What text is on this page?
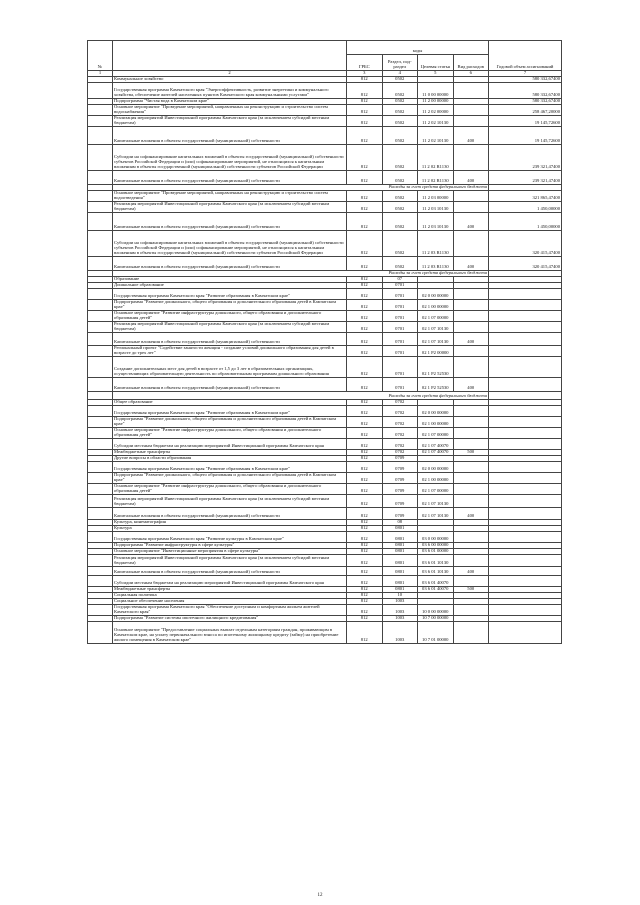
№		коды				Годовой объем ассигнований
		ГРБС	Раздел, под-раздел	Целевая статья	Вид расходов	
1	2	3	4	5	6	7
	Коммунальное хозяйство	812	0502			580 332,67400
	Государственная программа Камчатского края "Энергоэффективность, развитие энергетики и коммунального хозяйства, обеспечение жителей населенных пунктов Камчатского края коммунальными услугами"	812	0502	11 0 00 00000		580 332,67400
	Подпрограмма "Чистая вода в Камчатском крае"	812	0502	11 2 00 00000		580 332,67400
	Основное мероприятие "Проведение мероприятий, направленных на реконструкцию и строительство систем водоснабжения"	812	0502	11 2 02 00000		258 467,20000
	Реализация мероприятий Инвестиционной программы Камчатского края (за исключением субсидий местным бюджетам)	812	0502	11 2 02 10130		19 145,72600
	Капитальные вложения в объекты государственной (муниципальной) собственности	812	0502	11 2 02 10130	400	19 145,72600
	Субсидии на софинансирование капитальных вложений в объекты государственной (муниципальной) собственности субъектов Российской Федерации и (или) софинансирование мероприятий, не относящихся к капитальным вложениям в объекты государственной (муниципальной) собственности субъектов Российской Федерации	812	0502	11 2 02 R1130		239 321,47400
	Капитальные вложения в объекты государственной (муниципальной) собственности	812	0502	11 2 02 R1130	400	239 321,47400
	Расходы за счет средств федерального бюджета					
	Основное мероприятие "Проведение мероприятий, направленных на реконструкцию и строительство систем водоотведения"	812	0502	11 2 03 00000		321 865,47400
	Реализация мероприятий Инвестиционной программы Камчатского края (за исключением субсидий местным бюджетам)	812	0502	11 2 03 10130		1 450,00000
	Капитальные вложения в объекты государственной (муниципальной) собственности	812	0502	11 2 03 10130	400	1 450,00000
	Субсидии на софинансирование капитальных вложений в объекты государственной (муниципальной) собственности субъектов Российской Федерации и (или) софинансирование мероприятий, не относящихся к капитальным вложениям в объекты государственной (муниципальной) собственности субъектов Российской Федерации	812	0502	11 2 03 R1130		320 415,47400
	Капитальные вложения в объекты государственной (муниципальной) собственности	812	0502	11 2 03 R1130	400	320 415,47400
	Расходы за счет средств федерального бюджета					
	Образование	812	07			
	Дошкольное образование	812	0701			
	Государственная программа Камчатского края "Развитие образования в Камчатском крае"	812	0701	02 0 00 00000		
	Подпрограмма "Развитие дошкольного, общего образования и дополнительного образования детей в Камчатском крае"	812	0701	02 1 00 00000		
	Основное мероприятие "Развитие инфраструктуры дошкольного, общего образования и дополнительного образования детей"	812	0701	02 1 07 00000		
	Реализация мероприятий Инвестиционной программы Камчатского края (за исключением субсидий местным бюджетам)	812	0701	02 1 07 10130		
	Капитальные вложения в объекты государственной (муниципальной) собственности	812	0701	02 1 07 10130	400	
	Региональный проект "Содействие занятости женщин - создание условий дошкольного образования для детей в возрасте до трех лет"	812	0701	02 1 P2 00000		
	Создание дополнительных мест для детей в возрасте от 1,5 до 3 лет в образовательных организациях, осуществляющих образовательную деятельность по образовательным программам дошкольного образования	812	0701	02 1 P2 52530		
	Капитальные вложения в объекты государственной (муниципальной) собственности	812	0701	02 1 P2 52530	400	
	Расходы за счет средств федерального бюджета					
	Общее образование	812	0702			
	Государственная программа Камчатского края "Развитие образования в Камчатском крае"	812	0702	02 0 00 00000		
	Подпрограмма "Развитие дошкольного, общего образования и дополнительного образования детей в Камчатском крае"	812	0702	02 1 00 00000		
	Основное мероприятие "Развитие инфраструктуры дошкольного, общего образования и дополнительного образования детей"	812	0702	02 1 07 00000		
	Субсидии местным бюджетам на реализацию мероприятий Инвестиционной программы Камчатского края	812	0702	02 1 07 40070		
	Межбюджетные трансферты	812	0702	02 1 07 40070	500	
	Другие вопросы в области образования	812	0709			
	Государственная программа Камчатского края "Развитие образования в Камчатском крае"	812	0709	02 0 00 00000		
	Подпрограмма "Развитие дошкольного, общего образования и дополнительного образования детей в Камчатском крае"	812	0709	02 1 00 00000		
	Основное мероприятие "Развитие инфраструктуры дошкольного, общего образования и дополнительного образования детей"	812	0709	02 1 07 00000		
	Реализация мероприятий Инвестиционной программы Камчатского края (за исключением субсидий местным бюджетам)	812	0709	02 1 07 10130		
	Капитальные вложения в объекты государственной (муниципальной) собственности	812	0709	02 1 07 10130	400	
	Культура, кинематография	812	08			
	Культура	812	0801			
	Государственная программа Камчатского края "Развитие культуры в Камчатском крае"	812	0801	03 0 00 00000		
	Подпрограмма "Развитие инфраструктуры в сфере культуры"	812	0801	03 6 00 00000		
	Основное мероприятие "Инвестиционные мероприятия в сфере культуры"	812	0801	03 6 01 00000		
	Реализация мероприятий Инвестиционной программы Камчатского края (за исключением субсидий местным бюджетам)	812	0801	03 6 01 10130		
	Капитальные вложения в объекты государственной (муниципальной) собственности	812	0801	03 6 01 10130	400	
	Субсидии местным бюджетам на реализацию мероприятий Инвестиционной программы Камчатского края	812	0801	03 6 01 40070		
	Межбюджетные трансферты	812	0801	03 6 01 40070	500	
	Социальная политика	812	10			
	Социальное обеспечение населения	812	1003			
	Государственная программа Камчатского края "Обеспечение доступным и комфортным жильем жителей Камчатского края"	812	1003	10 0 00 00000		
	Подпрограмма "Развитие системы ипотечного жилищного кредитования"	812	1003	10 7 00 00000		
	Основное мероприятие "Предоставление социальных выплат отдельным категориям граждан, проживающим в Камчатском крае, на уплату первоначального взноса по ипотечному жилищному кредиту (займу) на приобретение жилого помещения в Камчатском крае"	812	1003	10 7 01 00000		
12
